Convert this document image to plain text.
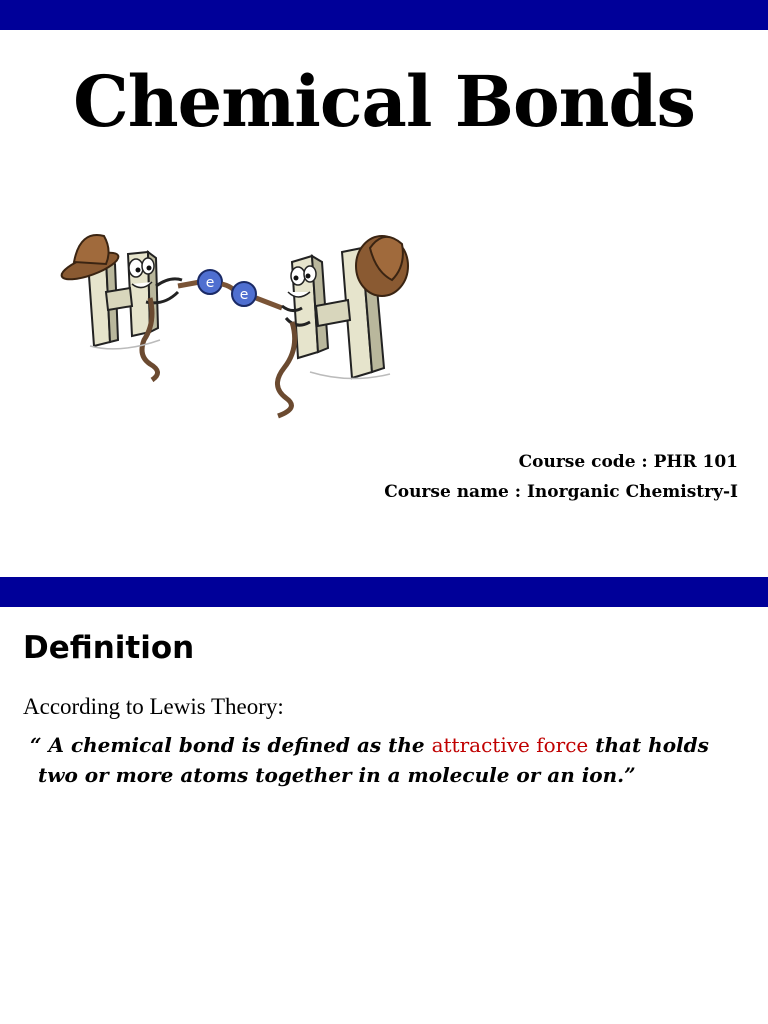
Chemical Bonds
e
e
Course code : PHR 101
Course name : Inorganic Chemistry-I
Definition
According to Lewis Theory:
“ A chemical bond is defined as the attractive force that holds
two or more atoms together in a molecule or an ion.”
